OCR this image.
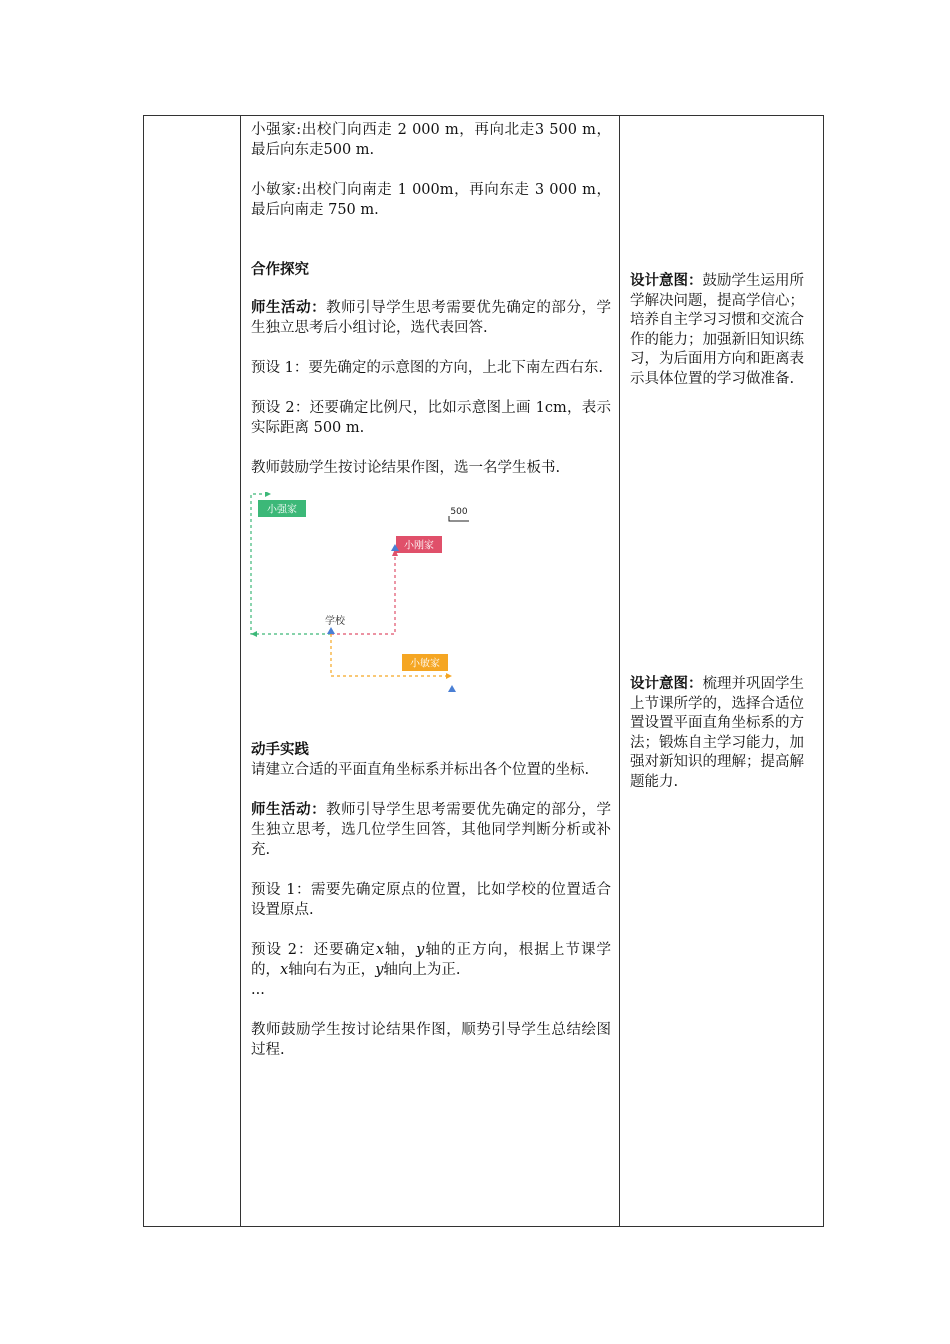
小强家:出校门向西走 2 000 m，再向北走3 500 m，最后向东走500 m.

小敏家:出校门向南走 1 000m，再向东走 3 000 m，最后向南走 750 m.

合作探究

师生活动：教师引导学生思考需要优先确定的部分，学生独立思考后小组讨论，选代表回答.

预设 1：要先确定的示意图的方向，上北下南左西右东.

预设 2：还要确定比例尺，比如示意图上画 1cm，表示实际距离 500 m.

教师鼓励学生按讨论结果作图，选一名学生板书.

500
小强家
小刚家
小敏家
学校

动手实践

请建立合适的平面直角坐标系并标出各个位置的坐标.

师生活动：教师引导学生思考需要优先确定的部分，学生独立思考，选几位学生回答，其他同学判断分析或补充.

预设 1：需要先确定原点的位置，比如学校的位置适合设置原点.

预设 2：还要确定x轴，y轴的正方向，根据上节课学的，x轴向右为正，y轴向上为正.

...

教师鼓励学生按讨论结果作图，顺势引导学生总结绘图过程.

设计意图：鼓励学生运用所学解决问题，提高学信心；培养自主学习习惯和交流合作的能力；加强新旧知识练习，为后面用方向和距离表示具体位置的学习做准备.
设计意图：梳理并巩固学生上节课所学的，选择合适位置设置平面直角坐标系的方法；锻炼自主学习能力，加强对新知识的理解；提高解题能力.
